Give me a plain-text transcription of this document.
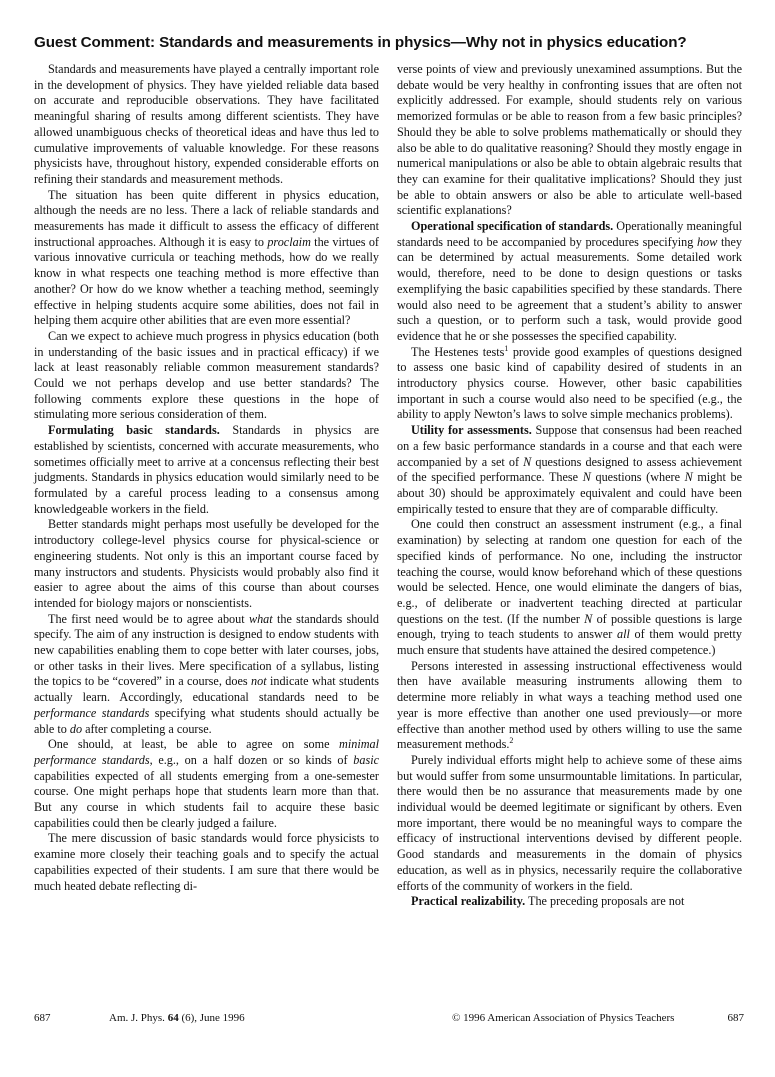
Guest Comment: Standards and measurements in physics—Why not in physics education?

Standards and measurements have played a centrally important role in the development of physics. They have yielded reliable data based on accurate and reproducible observations. They have facilitated meaningful sharing of results among different scientists. They have allowed unambiguous checks of theoretical ideas and have thus led to cumulative improvements of valuable knowledge. For these reasons physicists have, throughout history, expended considerable efforts on refining their standards and measurement methods.

The situation has been quite different in physics education, although the needs are no less. There a lack of reliable standards and measurements has made it difficult to assess the efficacy of different instructional approaches. Although it is easy to proclaim the virtues of various innovative curricula or teaching methods, how do we really know in what respects one teaching method is more effective than another? Or how do we know whether a teaching method, seemingly effective in helping students acquire some abilities, does not fail in helping them acquire other abilities that are even more essential?

Can we expect to achieve much progress in physics education (both in understanding of the basic issues and in practical efficacy) if we lack at least reasonably reliable common measurement standards? Could we not perhaps develop and use better standards? The following comments explore these questions in the hope of stimulating more serious consideration of them.

Formulating basic standards. Standards in physics are established by scientists, concerned with accurate measurements, who sometimes officially meet to arrive at a concensus reflecting their best judgments. Standards in physics education would similarly need to be formulated by a careful process leading to a consensus among knowledgeable workers in the field.

Better standards might perhaps most usefully be developed for the introductory college-level physics course for physical-science or engineering students. Not only is this an important course faced by many instructors and students. Physicists would probably also find it easier to agree about the aims of this course than about courses intended for biology majors or nonscientists.

The first need would be to agree about what the standards should specify. The aim of any instruction is designed to endow students with new capabilities enabling them to cope better with later courses, jobs, or other tasks in their lives. Mere specification of a syllabus, listing the topics to be “covered” in a course, does not indicate what students actually learn. Accordingly, educational standards need to be performance standards specifying what students should actually be able to do after completing a course.

One should, at least, be able to agree on some minimal performance standards, e.g., on a half dozen or so kinds of basic capabilities expected of all students emerging from a one-semester course. One might perhaps hope that students learn more than that. But any course in which students fail to acquire these basic capabilities could then be clearly judged a failure.

The mere discussion of basic standards would force physicists to examine more closely their teaching goals and to specify the actual capabilities expected of their students. I am sure that there would be much heated debate reflecting di-

verse points of view and previously unexamined assumptions. But the debate would be very healthy in confronting issues that are often not explicitly addressed. For example, should students rely on various memorized formulas or be able to reason from a few basic principles? Should they be able to solve problems mathematically or should they also be able to do qualitative reasoning? Should they mostly engage in numerical manipulations or also be able to obtain algebraic results that they can examine for their qualitative implications? Should they just be able to obtain answers or also be able to articulate well-based scientific explanations?

Operational specification of standards. Operationally meaningful standards need to be accompanied by procedures specifying how they can be determined by actual measurements. Some detailed work would, therefore, need to be done to design questions or tasks exemplifying the basic capabilities specified by these standards. There would also need to be agreement that a student’s ability to answer such a question, or to perform such a task, would provide good evidence that he or she possesses the specified capability.

The Hestenes tests$^1$ provide good examples of questions designed to assess one basic kind of capability desired of students in an introductory physics course. However, other basic capabilities important in such a course would also need to be specified (e.g., the ability to apply Newton’s laws to solve simple mechanics problems).

Utility for assessments. Suppose that consensus had been reached on a few basic performance standards in a course and that each were accompanied by a set of N questions designed to assess achievement of the specified performance. These N questions (where N might be about 30) should be approximately equivalent and could have been empirically tested to ensure that they are of comparable difficulty.

One could then construct an assessment instrument (e.g., a final examination) by selecting at random one question for each of the specified kinds of performance. No one, including the instructor teaching the course, would know beforehand which of these questions would be selected. Hence, one would eliminate the dangers of bias, e.g., of deliberate or inadvertent teaching directed at particular questions on the test. (If the number N of possible questions is large enough, trying to teach students to answer all of them would pretty much ensure that students have attained the desired competence.)

Persons interested in assessing instructional effectiveness would then have available measuring instruments allowing them to determine more reliably in what ways a teaching method used one year is more effective than another one used previously—or more effective than another method used by others willing to use the same measurement methods.$^2$

Purely individual efforts might help to achieve some of these aims but would suffer from some unsurmountable limitations. In particular, there would then be no assurance that measurements made by one individual would be deemed legitimate or significant by others. Even more important, there would be no meaningful ways to compare the efficacy of instructional interventions devised by different people. Good standards and measurements in the domain of physics education, as well as in physics, necessarily require the collaborative efforts of the community of workers in the field.

Practical realizability. The preceding proposals are not

687	Am. J. Phys. 64 (6), June 1996	© 1996 American Association of Physics Teachers	687
